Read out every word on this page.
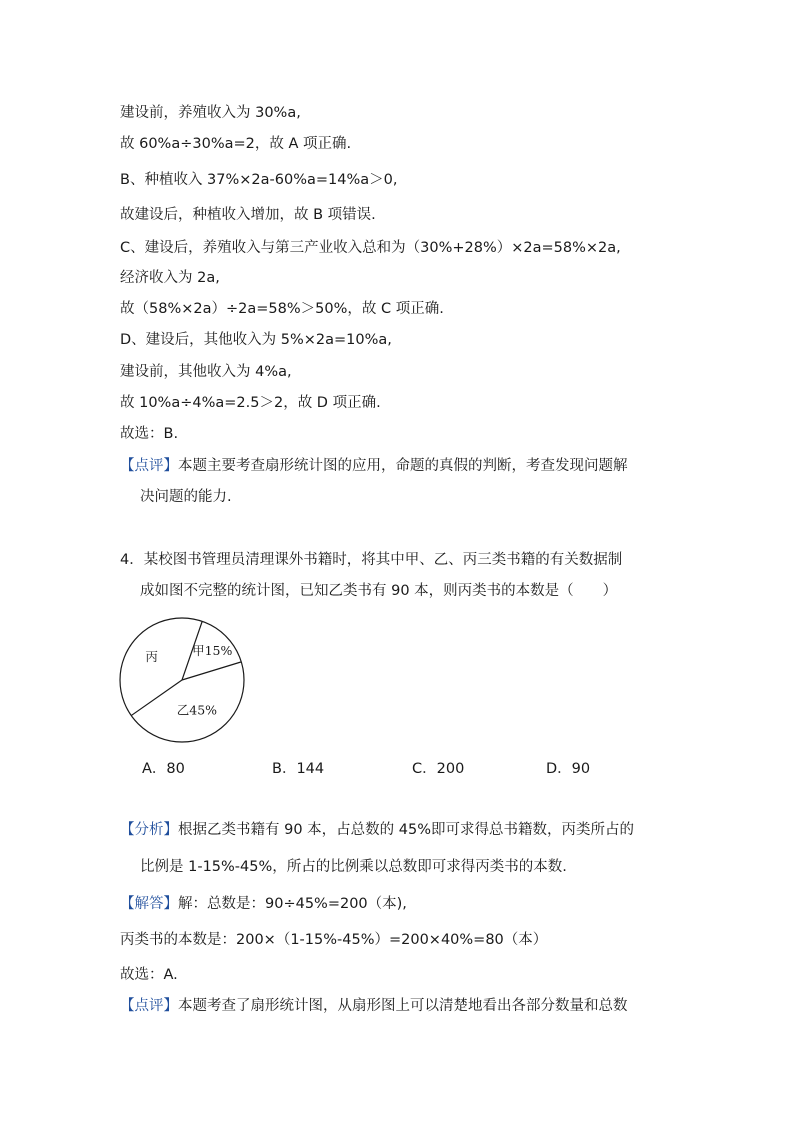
建设前，养殖收入为 30%a,
故 60%a÷30%a=2，故 A 项正确.
B、种植收入 37%×2a-60%a=14%a＞0,
故建设后，种植收入增加，故 B 项错误.
C、建设后，养殖收入与第三产业收入总和为（30%+28%）×2a=58%×2a,
经济收入为 2a,
故（58%×2a）÷2a=58%＞50%，故 C 项正确.
D、建设后，其他收入为 5%×2a=10%a,
建设前，其他收入为 4%a,
故 10%a÷4%a=2.5＞2，故 D 项正确.
故选：B.
【点评】本题主要考查扇形统计图的应用，命题的真假的判断，考查发现问题解
决问题的能力.
4．某校图书管理员清理课外书籍时，将其中甲、乙、丙三类书籍的有关数据制
成如图不完整的统计图，已知乙类书有 90 本，则丙类书的本数是（　　）
甲15%
乙45%
丙
A．80	B．144	C．200	D．90
【分析】根据乙类书籍有 90 本，占总数的 45%即可求得总书籍数，丙类所占的
比例是 1-15%-45%，所占的比例乘以总数即可求得丙类书的本数.
【解答】解：总数是：90÷45%=200（本),
丙类书的本数是：200×（1-15%-45%）=200×40%=80（本）
故选：A.
【点评】本题考查了扇形统计图，从扇形图上可以清楚地看出各部分数量和总数
